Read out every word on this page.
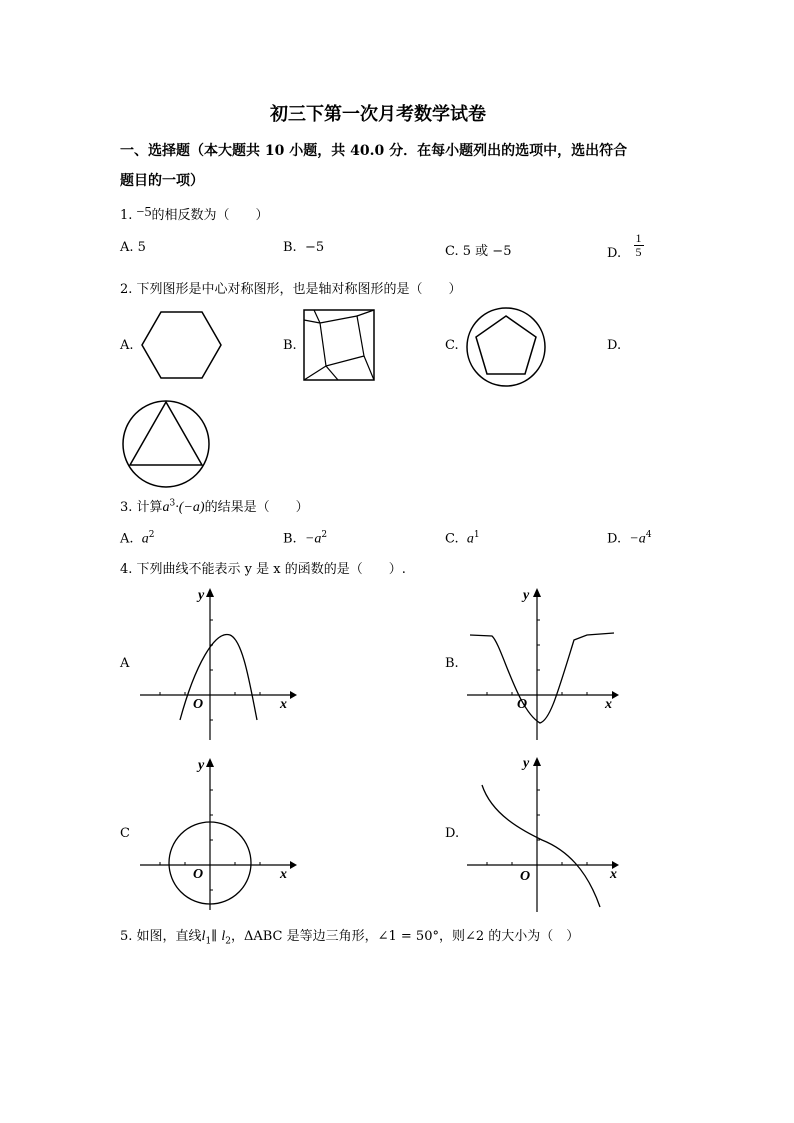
初三下第一次月考数学试卷
一、选择题（本大题共 10 小题，共 40.0 分．在每小题列出的选项中，选出符合
题目的一项）
1. −5的相反数为（　　）
A. 5	B. −5	C. 5 或 −5	D. $\frac{1}{5}$
2. 下列图形是中心对称图形，也是轴对称图形的是（　　）
A.	B.	C.	D.
3. 计算$a^3\cdot(-a)$的结果是（　　）
A. $a^2$	B. $-a^2$	C. $a^1$	D. $-a^4$
4. 下列曲线不能表示 y 是 x 的函数的是（　　）.
A	B.
C	D.
y
x
O
y
x
O
y
x
O
y
x
O
5. 如图，直线$l_1\parallel$ $l_2$，ΔABC 是等边三角形，∠1 = 50°，则∠2 的大小为（　）
